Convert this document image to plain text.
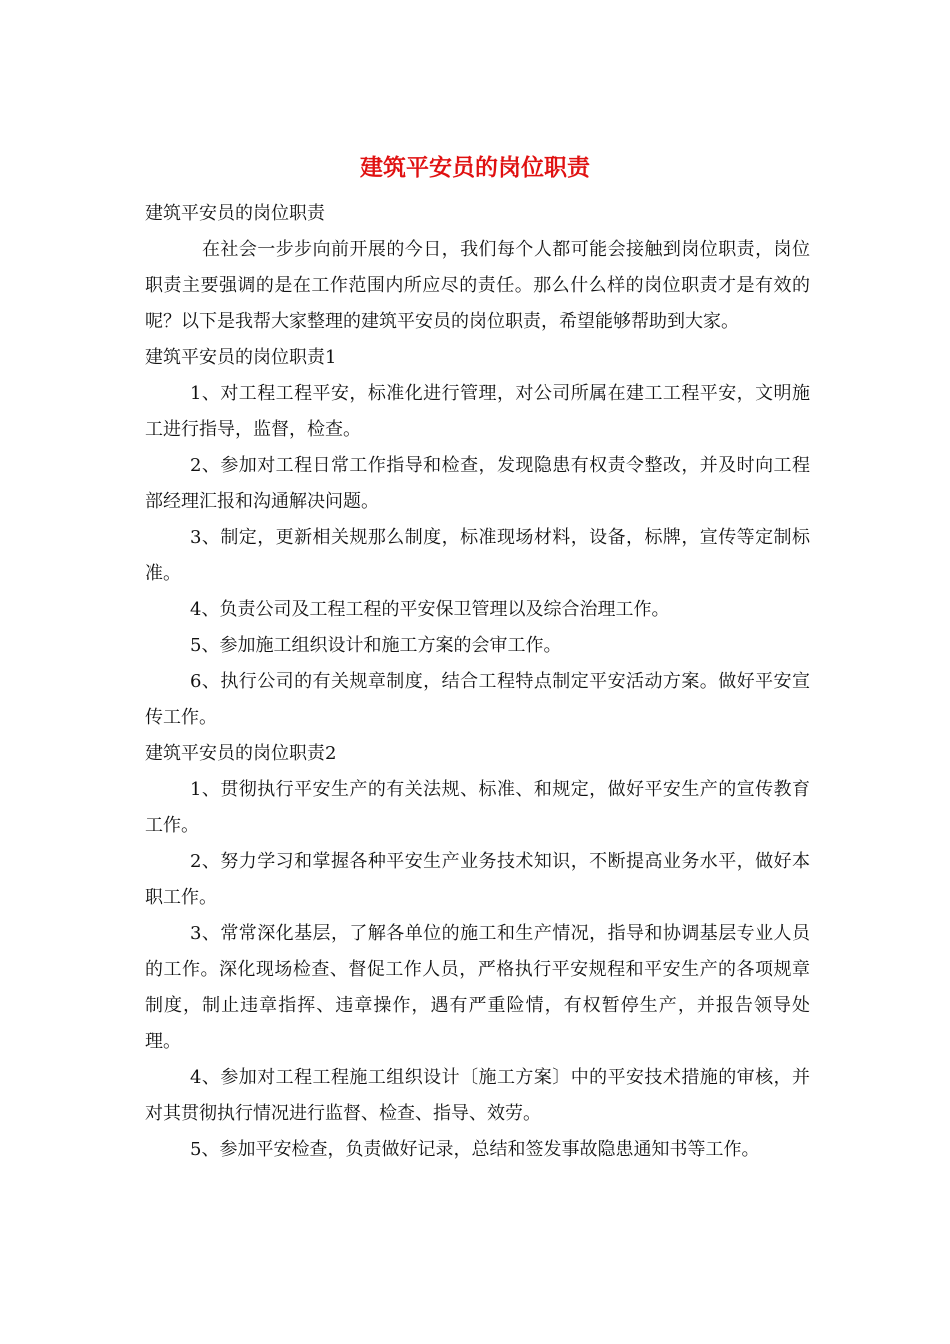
建筑平安员的岗位职责

建筑平安员的岗位职责

在社会一步步向前开展的今日，我们每个人都可能会接触到岗位职责，岗位职责主要强调的是在工作范围内所应尽的责任。那么什么样的岗位职责才是有效的呢？以下是我帮大家整理的建筑平安员的岗位职责，希望能够帮助到大家。

建筑平安员的岗位职责1

1、对工程工程平安，标准化进行管理，对公司所属在建工工程平安，文明施工进行指导，监督，检查。

2、参加对工程日常工作指导和检查，发现隐患有权责令整改，并及时向工程部经理汇报和沟通解决问题。

3、制定，更新相关规那么制度，标准现场材料，设备，标牌，宣传等定制标准。

4、负责公司及工程工程的平安保卫管理以及综合治理工作。

5、参加施工组织设计和施工方案的会审工作。

6、执行公司的有关规章制度，结合工程特点制定平安活动方案。做好平安宣传工作。

建筑平安员的岗位职责2

1、贯彻执行平安生产的有关法规、标准、和规定，做好平安生产的宣传教育工作。

2、努力学习和掌握各种平安生产业务技术知识，不断提高业务水平，做好本职工作。

3、常常深化基层，了解各单位的施工和生产情况，指导和协调基层专业人员的工作。深化现场检查、督促工作人员，严格执行平安规程和平安生产的各项规章制度，制止违章指挥、违章操作，遇有严重险情，有权暂停生产，并报告领导处理。

4、参加对工程工程施工组织设计〔施工方案〕中的平安技术措施的审核，并对其贯彻执行情况进行监督、检查、指导、效劳。

5、参加平安检查，负责做好记录，总结和签发事故隐患通知书等工作。
